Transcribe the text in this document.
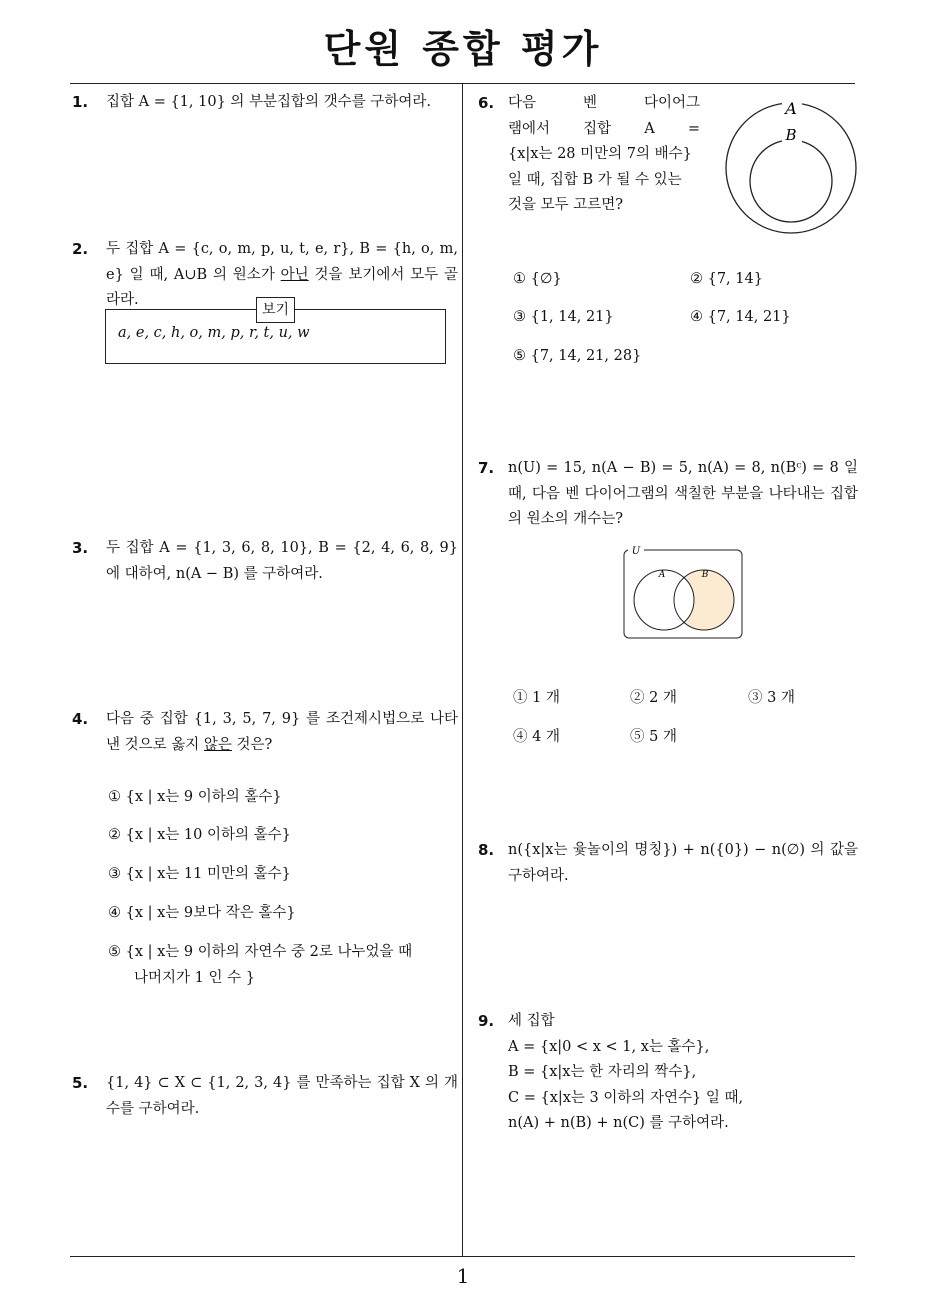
단원 종합 평가
1
1. 집합 A = {1, 10} 의 부분집합의 갯수를 구하여라.
2. 두 집합 A = {c, o, m, p, u, t, e, r}, B = {h, o, m, e} 일 때, A∪B 의 원소가 아닌 것을 보기에서 모두 골라라.
보기
a, e, c, h, o, m, p, r, t, u, w
3. 두 집합 A = {1, 3, 6, 8, 10}, B = {2, 4, 6, 8, 9} 에 대하여, n(A − B) 를 구하여라.
4. 다음 중 집합 {1, 3, 5, 7, 9} 를 조건제시법으로 나타낸 것으로 옳지 않은 것은?
① {x | x는 9 이하의 홀수}
② {x | x는 10 이하의 홀수}
③ {x | x는 11 미만의 홀수}
④ {x | x는 9보다 작은 홀수}
⑤ {x | x는 9 이하의 자연수 중 2로 나누었을 때
나머지가 1 인 수 }
5. {1, 4} ⊂ X ⊂ {1, 2, 3, 4} 를 만족하는 집합 X 의 개수를 구하여라.
6. 다음 벤 다이어그
램에서 집합 A =
{x|x는 28 미만의 7의 배수}
일 때, 집합 B 가 될 수 있는
것을 모두 고르면?
A
B
① {∅}	② {7, 14}
③ {1, 14, 21}	④ {7, 14, 21}
⑤ {7, 14, 21, 28}
7. n(U) = 15, n(A − B) = 5, n(A) = 8, n(Bᶜ) = 8 일 때, 다음 벤 다이어그램의 색칠한 부분을 나타내는 집합의 원소의 개수는?
U
A	B
① 1 개	② 2 개	③ 3 개
④ 4 개	⑤ 5 개
8. n({x|x는 윷놀이의 명칭}) + n({0}) − n(∅) 의 값을 구하여라.
9. 세 집합
A = {x|0 < x < 1, x는 홀수},
B = {x|x는 한 자리의 짝수},
C = {x|x는 3 이하의 자연수} 일 때,
n(A) + n(B) + n(C) 를 구하여라.
